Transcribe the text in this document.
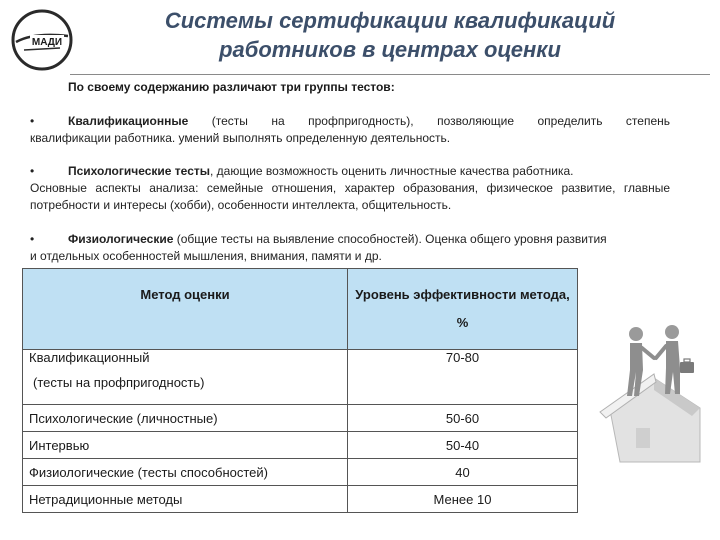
МАДИ
Системы сертификации квалификаций
работников в центрах оценки
По своему содержанию различают три группы тестов:
•	Квалификационные (тесты на профпригодность), позволяющие определить степень
квалификации работника. умений выполнять определенную деятельность.
•	Психологические тесты, дающие возможность оценить личностные качества работника.
Основные аспекты анализа: семейные отношения, характер образования, физическое развитие, главные потребности и интересы (хобби), особенности интеллекта, общительность.
•	Физиологические (общие тесты на выявление способностей). Оценка общего уровня развития
и отдельных особенностей мышления, внимания, памяти и др.
Метод оценки	Уровень эффективности метода, %

Квалификационный
(тесты на профпригодность)	70-80
Психологические (личностные)	50-60
Интервью	50-40
Физиологические (тесты способностей)	40
Нетрадиционные методы	Менее 10
